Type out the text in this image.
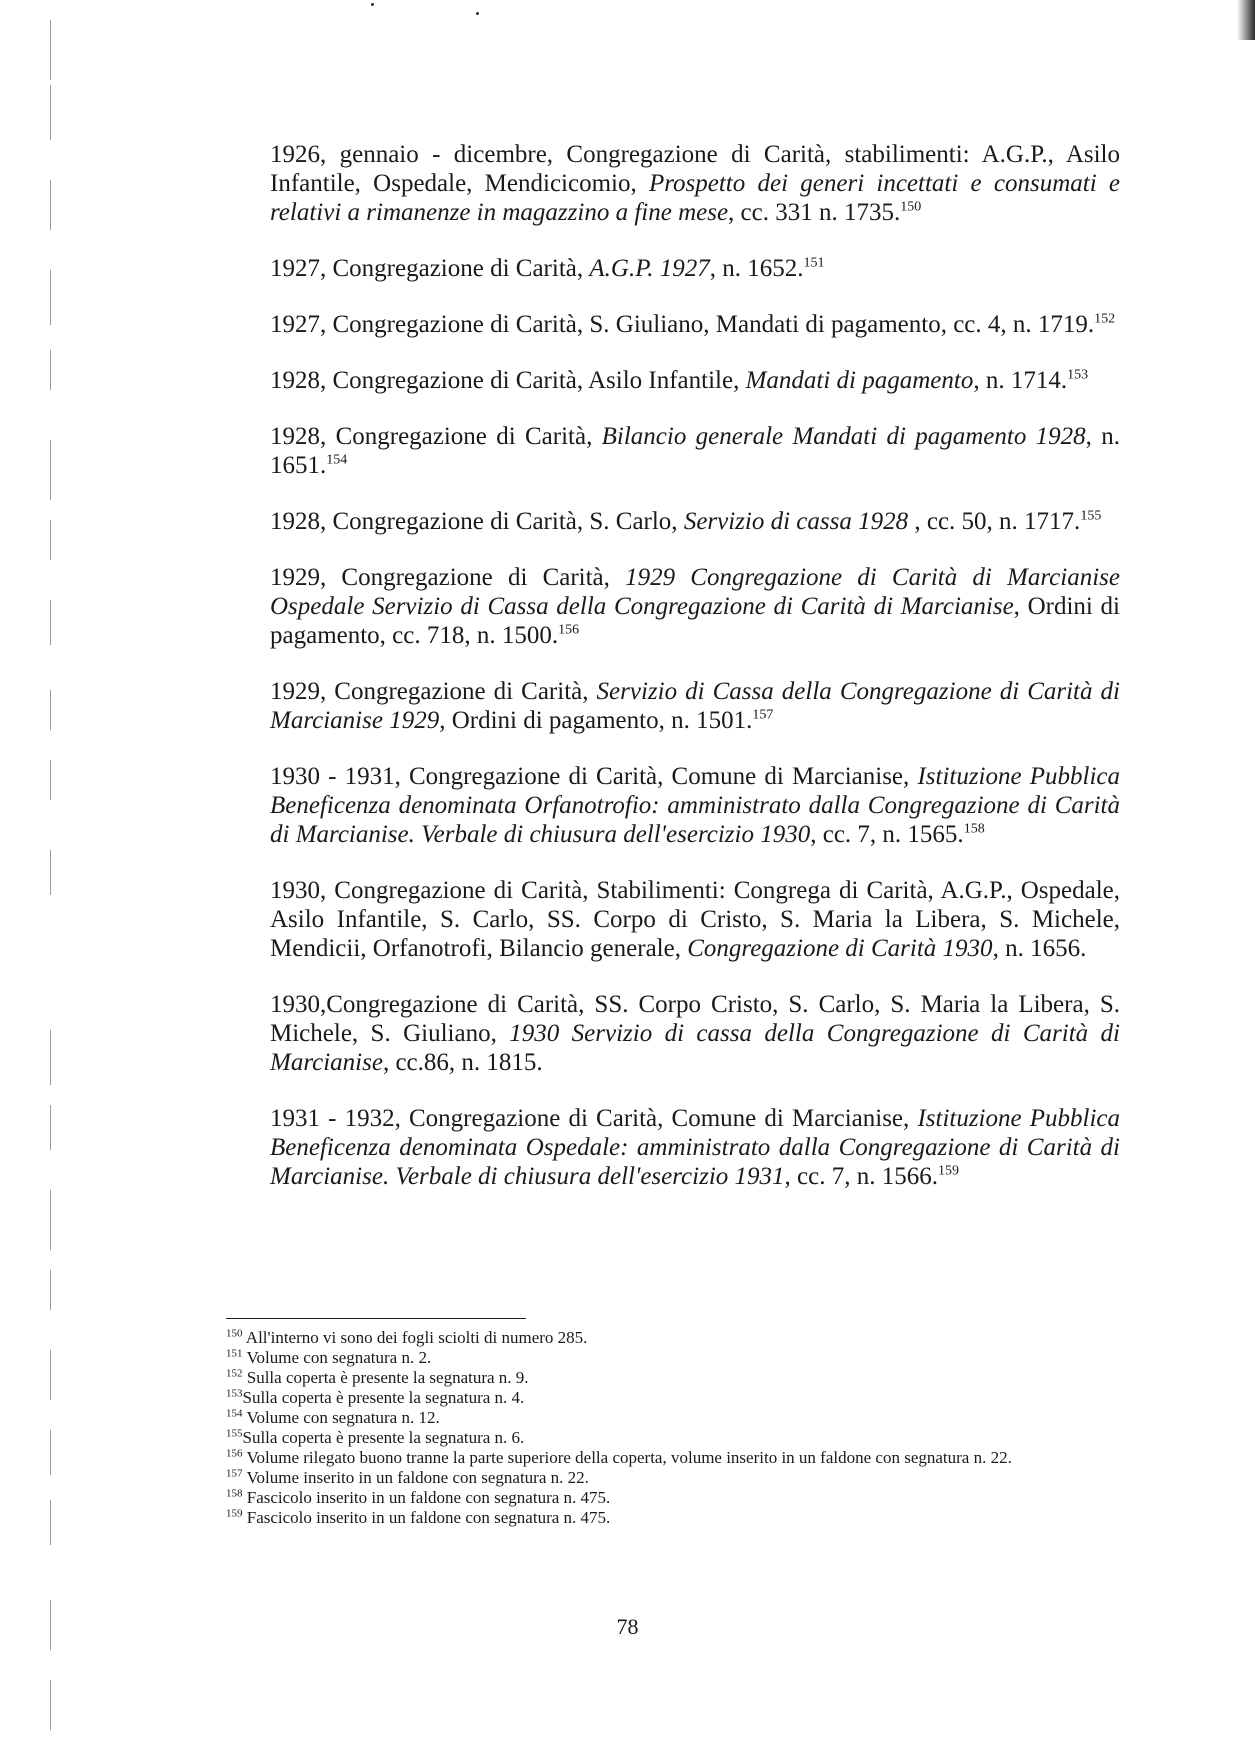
1926, gennaio - dicembre, Congregazione di Carità, stabilimenti: A.G.P., Asilo Infantile, Ospedale, Mendicicomio, Prospetto dei generi incettati e consumati e relativi a rimanenze in magazzino a fine mese, cc. 331 n. 1735.$^{150}$

1927, Congregazione di Carità, A.G.P. 1927, n. 1652.$^{151}$

1927, Congregazione di Carità, S. Giuliano, Mandati di pagamento, cc. 4, n. 1719.$^{152}$

1928, Congregazione di Carità, Asilo Infantile, Mandati di pagamento, n. 1714.$^{153}$

1928, Congregazione di Carità, Bilancio generale Mandati di pagamento 1928, n. 1651.$^{154}$

1928, Congregazione di Carità, S. Carlo, Servizio di cassa 1928 , cc. 50, n. 1717.$^{155}$

1929, Congregazione di Carità, 1929 Congregazione di Carità di Marcianise Ospedale Servizio di Cassa della Congregazione di Carità di Marcianise, Ordini di pagamento, cc. 718, n. 1500.$^{156}$

1929, Congregazione di Carità, Servizio di Cassa della Congregazione di Carità di Marcianise 1929, Ordini di pagamento, n. 1501.$^{157}$

1930 - 1931, Congregazione di Carità, Comune di Marcianise, Istituzione Pubblica Beneficenza denominata Orfanotrofio: amministrato dalla Congregazione di Carità di Marcianise. Verbale di chiusura dell'esercizio 1930, cc. 7, n. 1565.$^{158}$

1930, Congregazione di Carità, Stabilimenti: Congrega di Carità, A.G.P., Ospedale, Asilo Infantile, S. Carlo, SS. Corpo di Cristo, S. Maria la Libera, S. Michele, Mendicii, Orfanotrofi, Bilancio generale, Congregazione di Carità 1930, n. 1656.

1930,Congregazione di Carità, SS. Corpo Cristo, S. Carlo, S. Maria la Libera, S. Michele, S. Giuliano, 1930 Servizio di cassa della Congregazione di Carità di Marcianise, cc.86, n. 1815.

1931 - 1932, Congregazione di Carità, Comune di Marcianise, Istituzione Pubblica Beneficenza denominata Ospedale: amministrato dalla Congregazione di Carità di Marcianise. Verbale di chiusura dell'esercizio 1931, cc. 7, n. 1566.$^{159}$

$^{150}$ All'interno vi sono dei fogli sciolti di numero 285.

$^{151}$ Volume con segnatura n. 2.

$^{152}$ Sulla coperta è presente la segnatura n. 9.

$^{153}$Sulla coperta è presente la segnatura n. 4.

$^{154}$ Volume con segnatura n. 12.

$^{155}$Sulla coperta è presente la segnatura n. 6.

$^{156}$ Volume rilegato buono tranne la parte superiore della coperta, volume inserito in un faldone con segnatura n. 22.

$^{157}$ Volume inserito in un faldone con segnatura n. 22.

$^{158}$ Fascicolo inserito in un faldone con segnatura n. 475.

$^{159}$ Fascicolo inserito in un faldone con segnatura n. 475.

78
